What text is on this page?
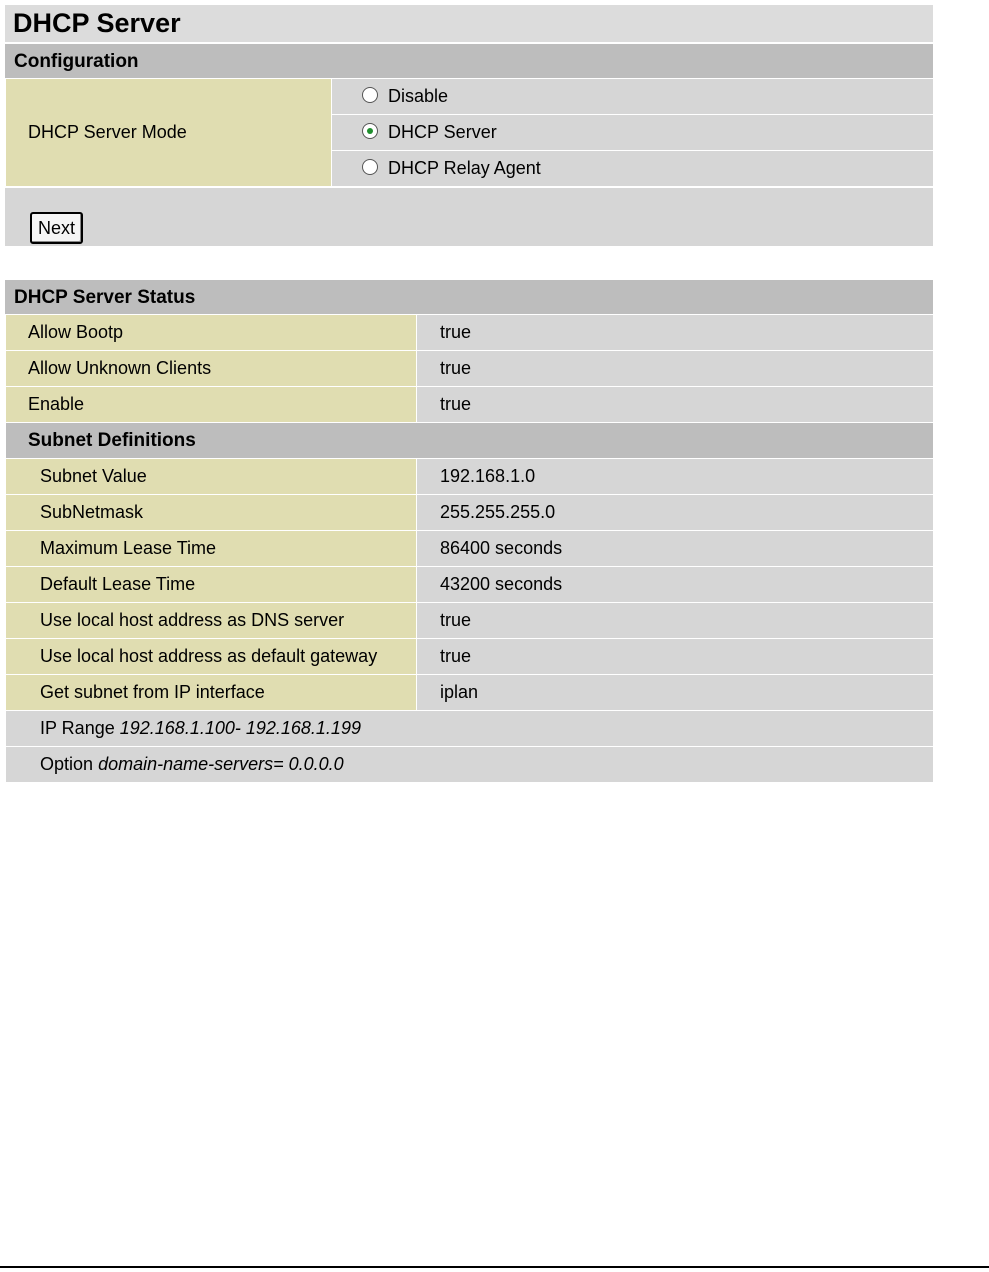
DHCP Server
Configuration
DHCP Server Mode	Disable
DHCP Server
DHCP Relay Agent
Next
DHCP Server Status
Allow Bootp	true
Allow Unknown Clients	true
Enable	true
Subnet Definitions	
Subnet Value	192.168.1.0
SubNetmask	255.255.255.0
Maximum Lease Time	86400 seconds
Default Lease Time	43200 seconds
Use local host address as DNS server	true
Use local host address as default gateway	true
Get subnet from IP interface	iplan
IP Range 192.168.1.100- 192.168.1.199	
Option domain-name-servers= 0.0.0.0	
